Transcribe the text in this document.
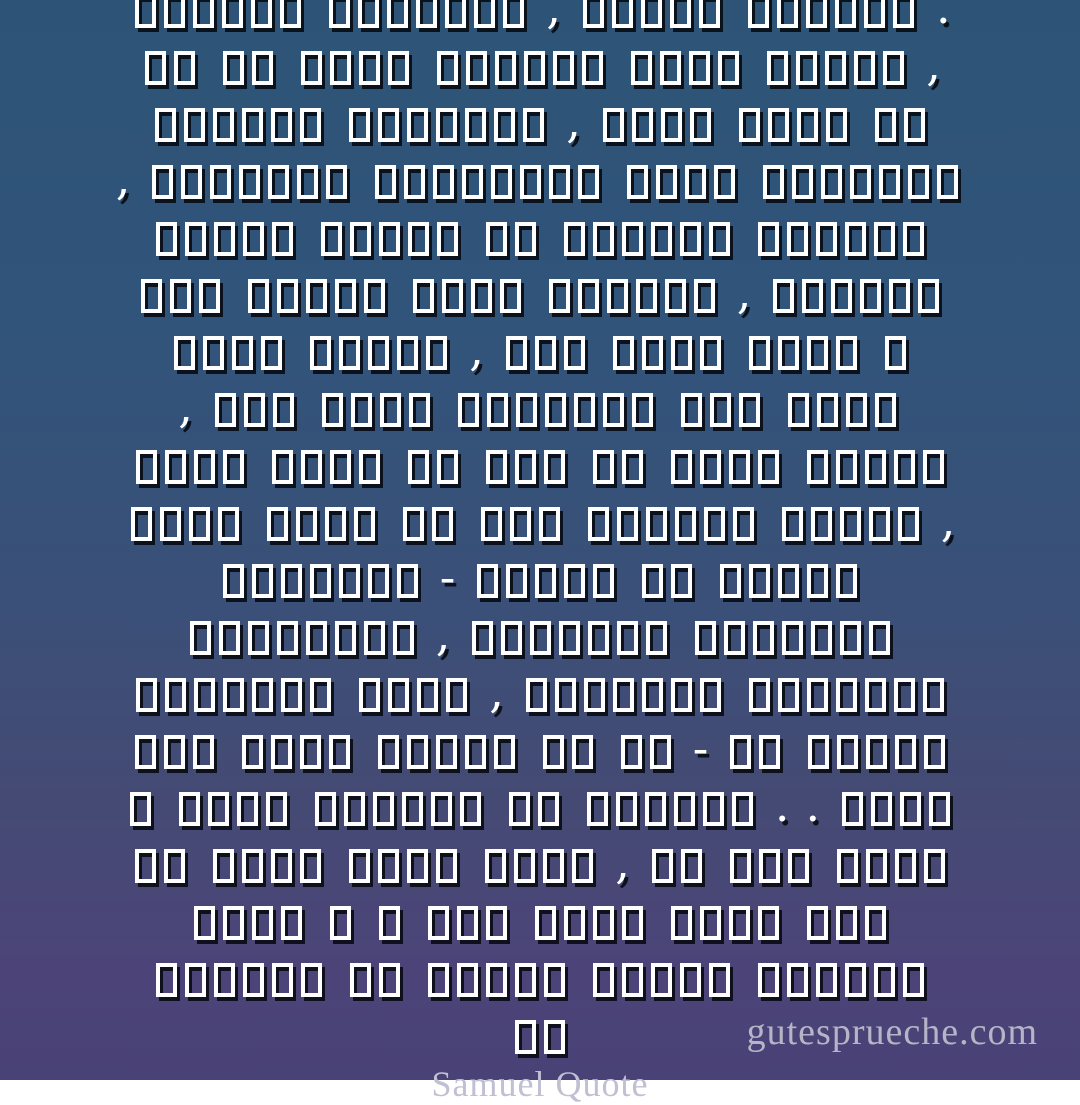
,	.
,
,
,
,
,
,
,
-
,
,
-
. .
,
gutesprueche.com
Samuel Quote
